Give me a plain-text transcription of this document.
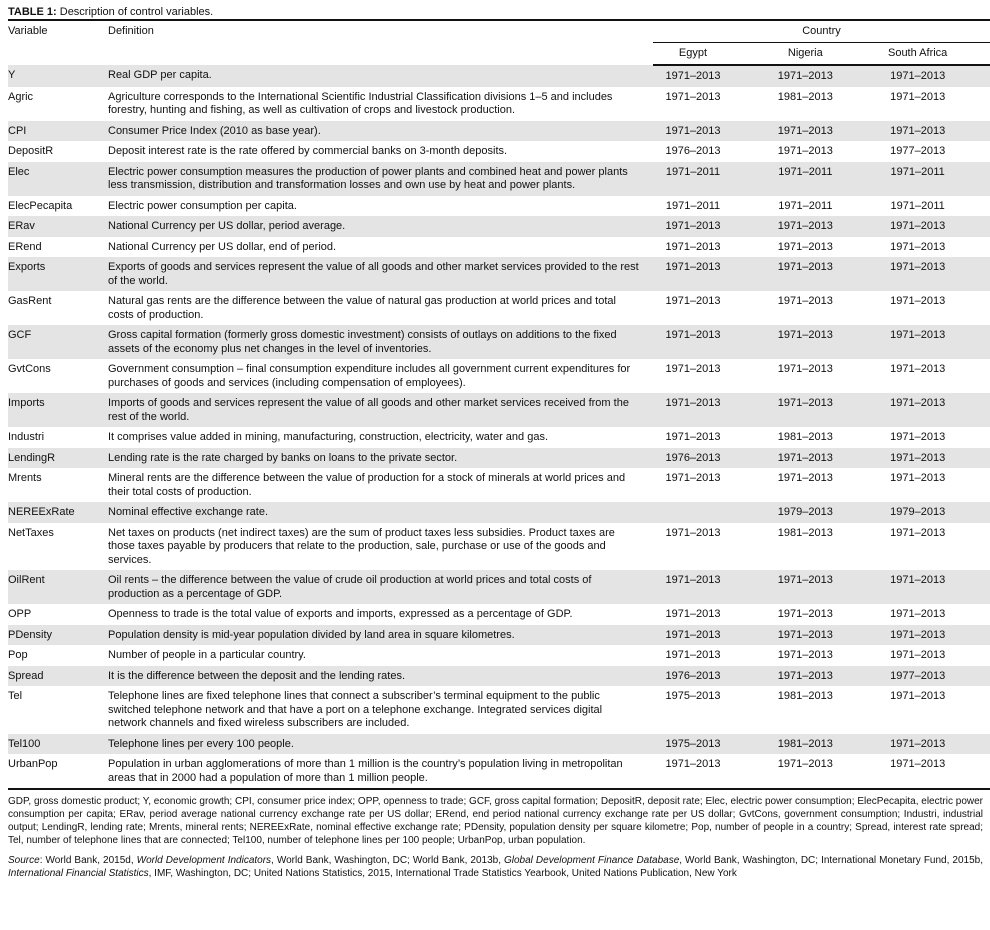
TABLE 1: Description of control variables.
Variable	Definition	Country		
		Egypt	Nigeria	South Africa
Y	Real GDP per capita.	1971–2013	1971–2013	1971–2013
Agric	Agriculture corresponds to the International Scientific Industrial Classification divisions 1–5 and includes forestry, hunting and fishing, as well as cultivation of crops and livestock production.	1971–2013	1981–2013	1971–2013
CPI	Consumer Price Index (2010 as base year).	1971–2013	1971–2013	1971–2013
DepositR	Deposit interest rate is the rate offered by commercial banks on 3-month deposits.	1976–2013	1971–2013	1977–2013
Elec	Electric power consumption measures the production of power plants and combined heat and power plants less transmission, distribution and transformation losses and own use by heat and power plants.	1971–2011	1971–2011	1971–2011
ElecPecapita	Electric power consumption per capita.	1971–2011	1971–2011	1971–2011
ERav	National Currency per US dollar, period average.	1971–2013	1971–2013	1971–2013
ERend	National Currency per US dollar, end of period.	1971–2013	1971–2013	1971–2013
Exports	Exports of goods and services represent the value of all goods and other market services provided to the rest of the world.	1971–2013	1971–2013	1971–2013
GasRent	Natural gas rents are the difference between the value of natural gas production at world prices and total costs of production.	1971–2013	1971–2013	1971–2013
GCF	Gross capital formation (formerly gross domestic investment) consists of outlays on additions to the fixed assets of the economy plus net changes in the level of inventories.	1971–2013	1971–2013	1971–2013
GvtCons	Government consumption – final consumption expenditure includes all government current expenditures for purchases of goods and services (including compensation of employees).	1971–2013	1971–2013	1971–2013
Imports	Imports of goods and services represent the value of all goods and other market services received from the rest of the world.	1971–2013	1971–2013	1971–2013
Industri	It comprises value added in mining, manufacturing, construction, electricity, water and gas.	1971–2013	1981–2013	1971–2013
LendingR	Lending rate is the rate charged by banks on loans to the private sector.	1976–2013	1971–2013	1971–2013
Mrents	Mineral rents are the difference between the value of production for a stock of minerals at world prices and their total costs of production.	1971–2013	1971–2013	1971–2013
NEREExRate	Nominal effective exchange rate.		1979–2013	1979–2013
NetTaxes	Net taxes on products (net indirect taxes) are the sum of product taxes less subsidies. Product taxes are those taxes payable by producers that relate to the production, sale, purchase or use of the goods and services.	1971–2013	1981–2013	1971–2013
OilRent	Oil rents – the difference between the value of crude oil production at world prices and total costs of production as a percentage of GDP.	1971–2013	1971–2013	1971–2013
OPP	Openness to trade is the total value of exports and imports, expressed as a percentage of GDP.	1971–2013	1971–2013	1971–2013
PDensity	Population density is mid-year population divided by land area in square kilometres.	1971–2013	1971–2013	1971–2013
Pop	Number of people in a particular country.	1971–2013	1971–2013	1971–2013
Spread	It is the difference between the deposit and the lending rates.	1976–2013	1971–2013	1977–2013
Tel	Telephone lines are fixed telephone lines that connect a subscriber’s terminal equipment to the public switched telephone network and that have a port on a telephone exchange. Integrated services digital network channels and fixed wireless subscribers are included.	1975–2013	1981–2013	1971–2013
Tel100	Telephone lines per every 100 people.	1975–2013	1981–2013	1971–2013
UrbanPop	Population in urban agglomerations of more than 1 million is the country’s population living in metropolitan areas that in 2000 had a population of more than 1 million people.	1971–2013	1971–2013	1971–2013
GDP, gross domestic product; Y, economic growth; CPI, consumer price index; OPP, openness to trade; GCF, gross capital formation; DepositR, deposit rate; Elec, electric power consumption; ElecPecapita, electric power consumption per capita; ERav, period average national currency exchange rate per US dollar; ERend, end period national currency exchange rate per US dollar; GvtCons, government consumption; Industri, industrial output; LendingR, lending rate; Mrents, mineral rents; NEREExRate, nominal effective exchange rate; PDensity, population density per square kilometre; Pop, number of people in a country; Spread, interest rate spread; Tel, number of telephone lines that are connected; Tel100, number of telephone lines per 100 people; UrbanPop, urban population.
Source: World Bank, 2015d, World Development Indicators, World Bank, Washington, DC; World Bank, 2013b, Global Development Finance Database, World Bank, Washington, DC; International Monetary Fund, 2015b, International Financial Statistics, IMF, Washington, DC; United Nations Statistics, 2015, International Trade Statistics Yearbook, United Nations Publication, New York
